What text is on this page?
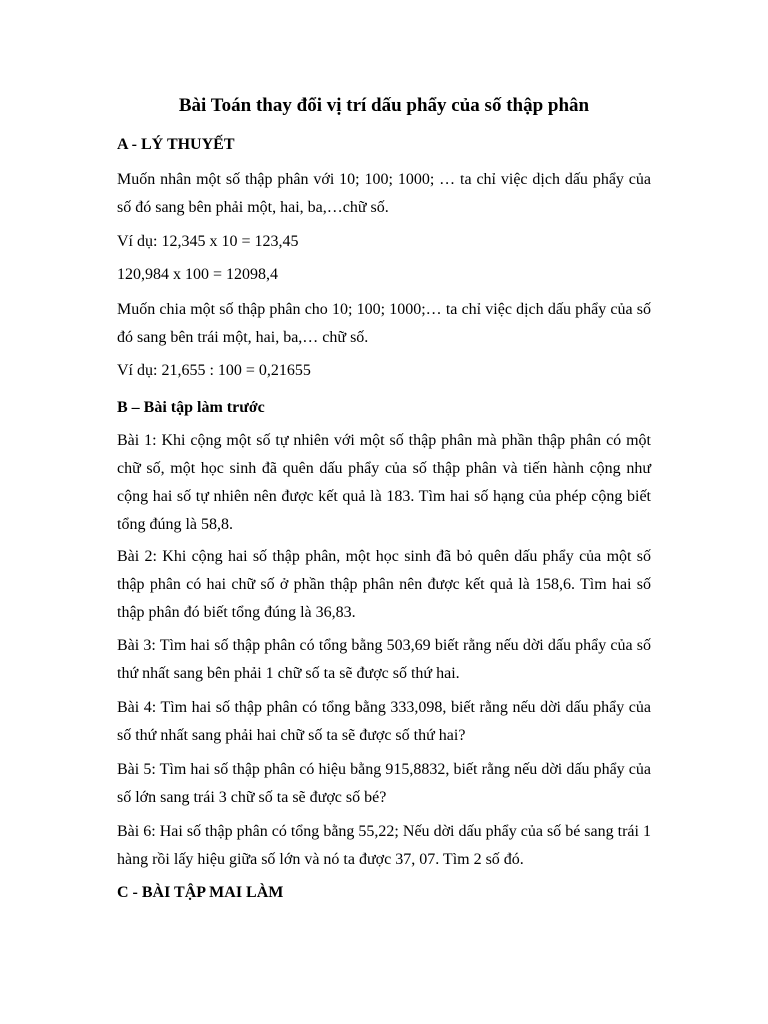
Bài Toán thay đổi vị trí dấu phẩy của số thập phân

A - LÝ THUYẾT

Muốn nhân một số thập phân với 10; 100; 1000; … ta chỉ việc dịch dấu phẩy của số đó sang bên phải một, hai, ba,…chữ số.

Ví dụ: 12,345 x 10 = 123,45

120,984 x 100 = 12098,4

Muốn chia một số thập phân cho 10; 100; 1000;… ta chỉ việc dịch dấu phẩy của số đó sang bên trái một, hai, ba,… chữ số.

Ví dụ: 21,655 : 100 = 0,21655

B – Bài tập làm trước

Bài 1: Khi cộng một số tự nhiên với một số thập phân mà phần thập phân có một chữ số, một học sinh đã quên dấu phẩy của số thập phân và tiến hành cộng như cộng hai số tự nhiên nên được kết quả là 183. Tìm hai số hạng của phép cộng biết tổng đúng là 58,8.

Bài 2: Khi cộng hai số thập phân, một học sinh đã bỏ quên dấu phẩy của một số thập phân có hai chữ số ở phần thập phân nên được kết quả là 158,6. Tìm hai số thập phân đó biết tổng đúng là 36,83.

Bài 3: Tìm hai số thập phân có tổng bằng 503,69 biết rằng nếu dời dấu phẩy của số thứ nhất sang bên phải 1 chữ số ta sẽ được số thứ hai.

Bài 4: Tìm hai số thập phân có tổng bằng 333,098, biết rằng nếu dời dấu phẩy của số thứ nhất sang phải hai chữ số ta sẽ được số thứ hai?

Bài 5: Tìm hai số thập phân có hiệu bằng 915,8832, biết rằng nếu dời dấu phẩy của số lớn sang trái 3 chữ số ta sẽ được số bé?

Bài 6: Hai số thập phân có tổng bằng 55,22; Nếu dời dấu phẩy của số bé sang trái 1 hàng rồi lấy hiệu giữa số lớn và nó ta được 37, 07. Tìm 2 số đó.

C - BÀI TẬP MAI LÀM
